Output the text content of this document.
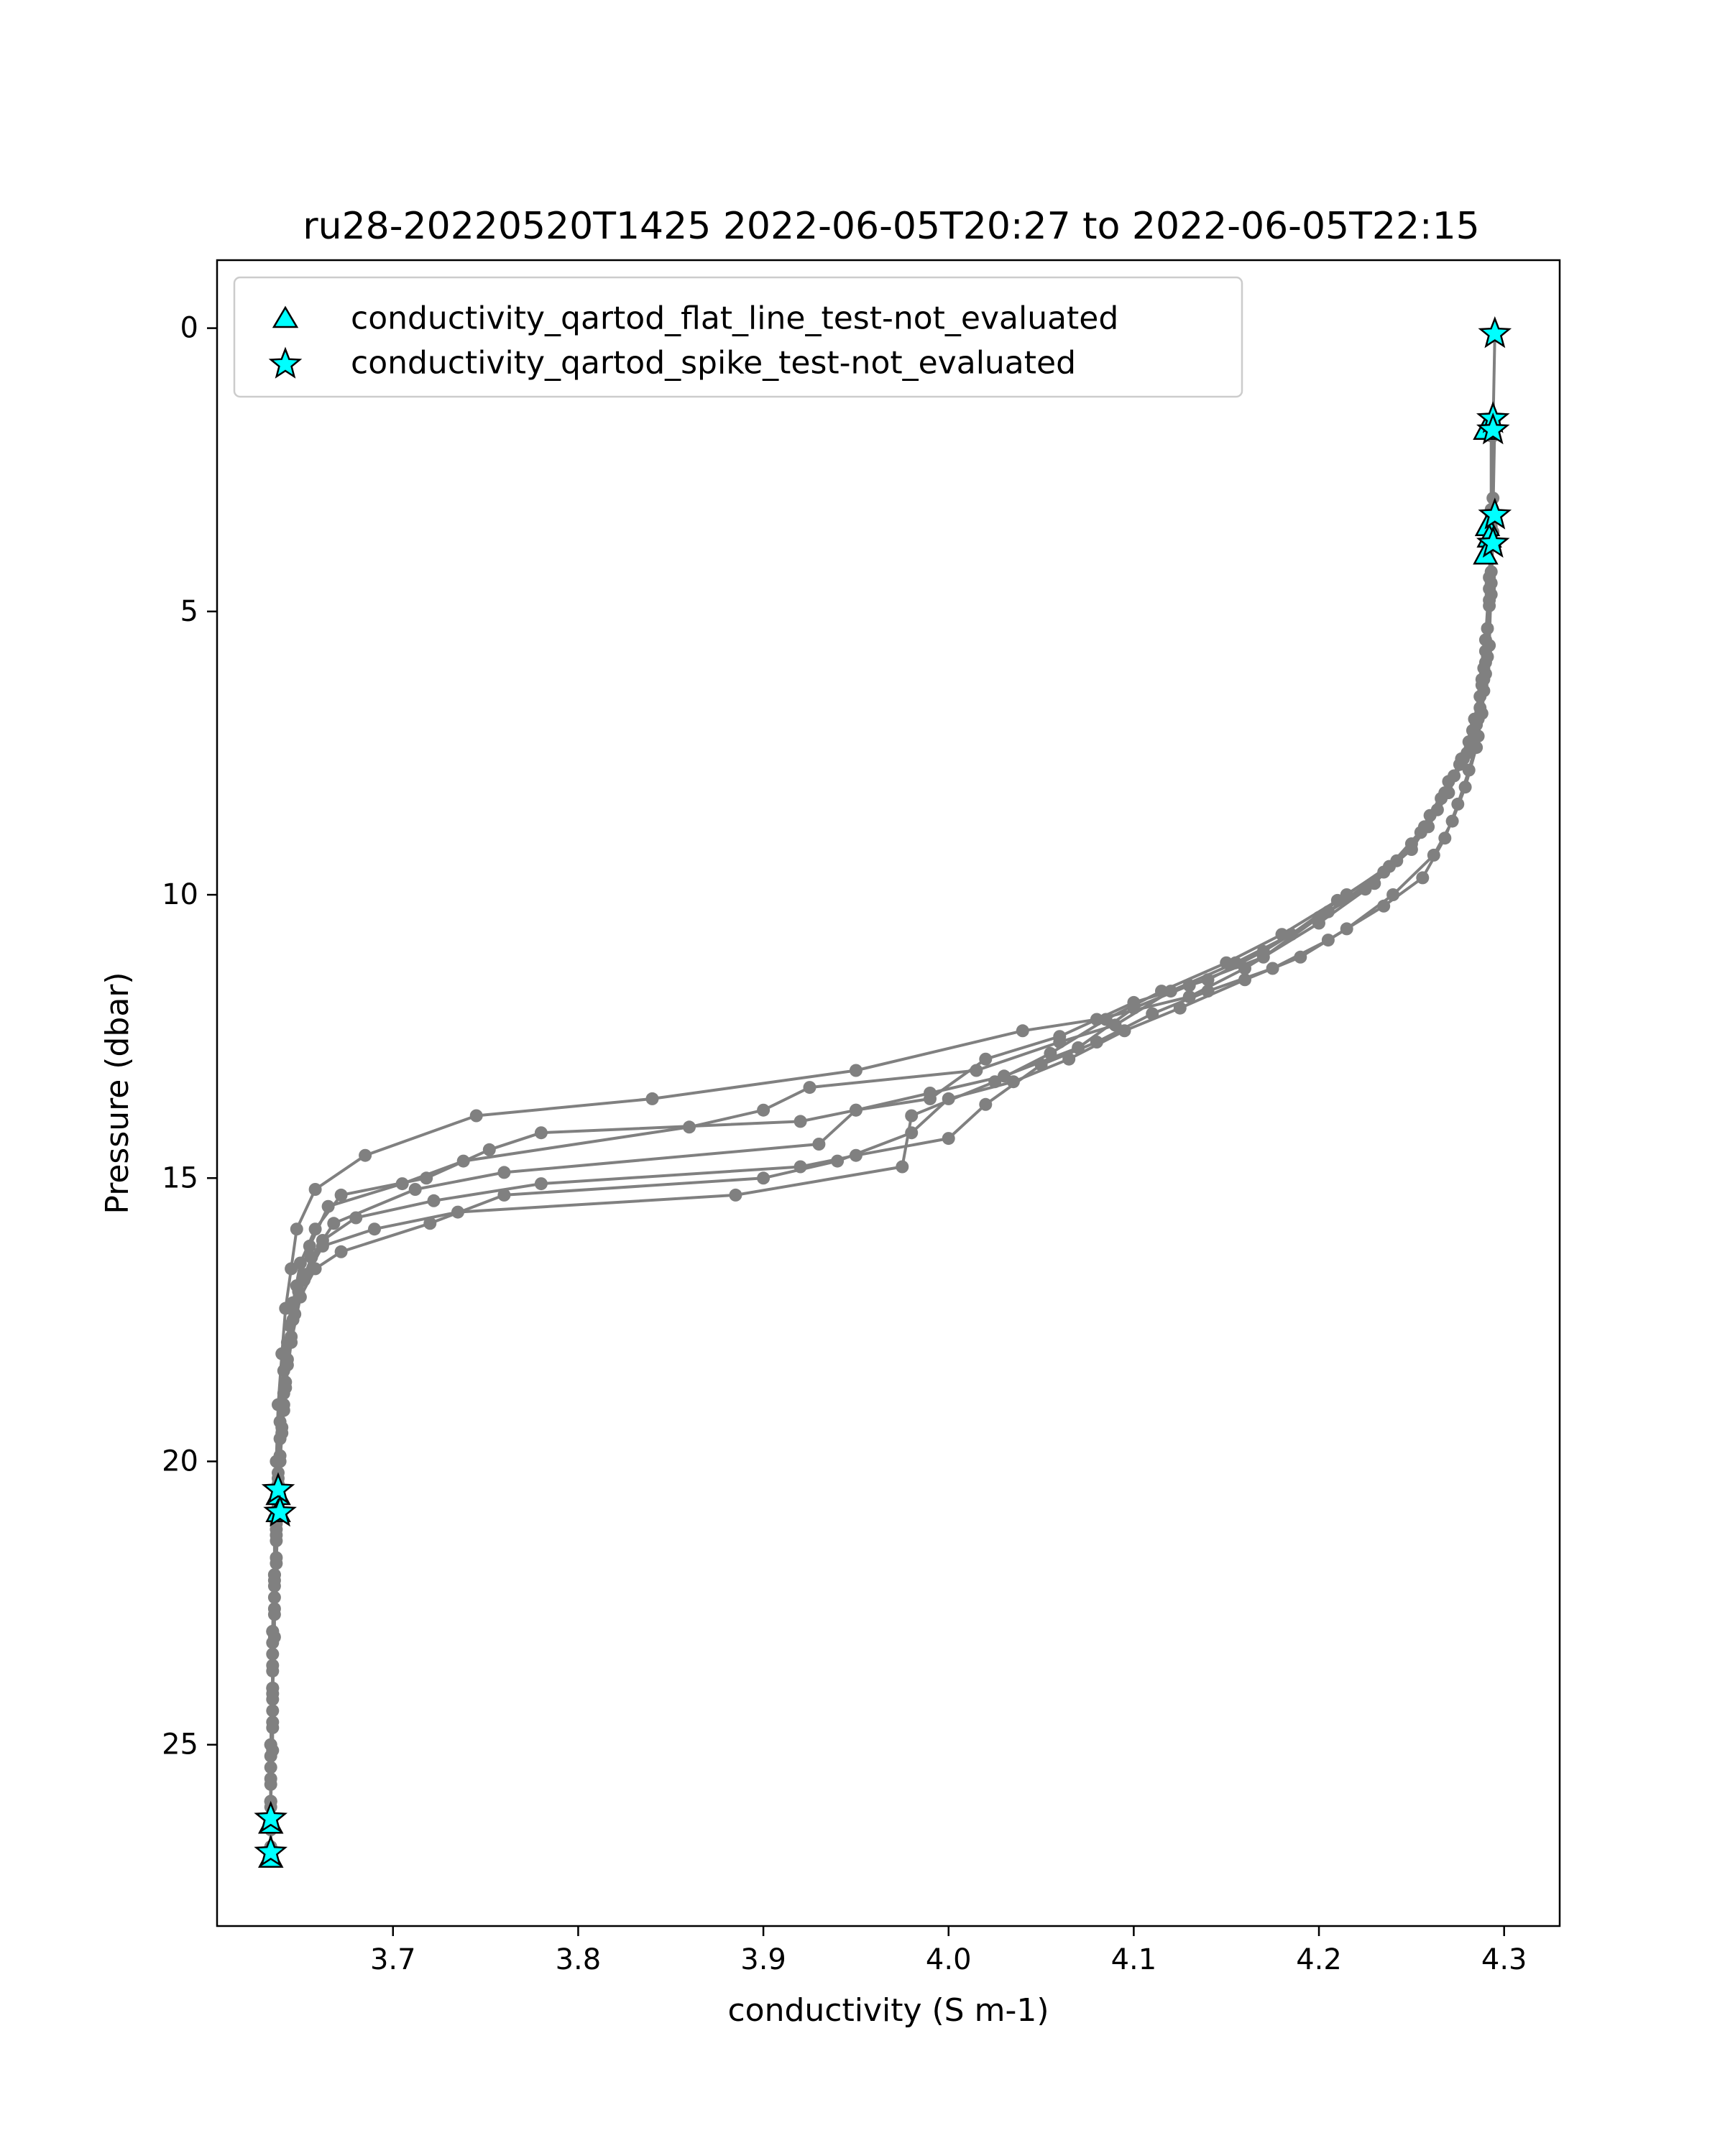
ru28-20220520T1425 2022-06-05T20:27 to 2022-06-05T22:15
3.7	3.8	3.9	4.0	4.1	4.2	4.3
0
5
10
15
20
25
conductivity (S m-1)
Pressure (dbar)
conductivity_qartod_flat_line_test-not_evaluated
conductivity_qartod_spike_test-not_evaluated
